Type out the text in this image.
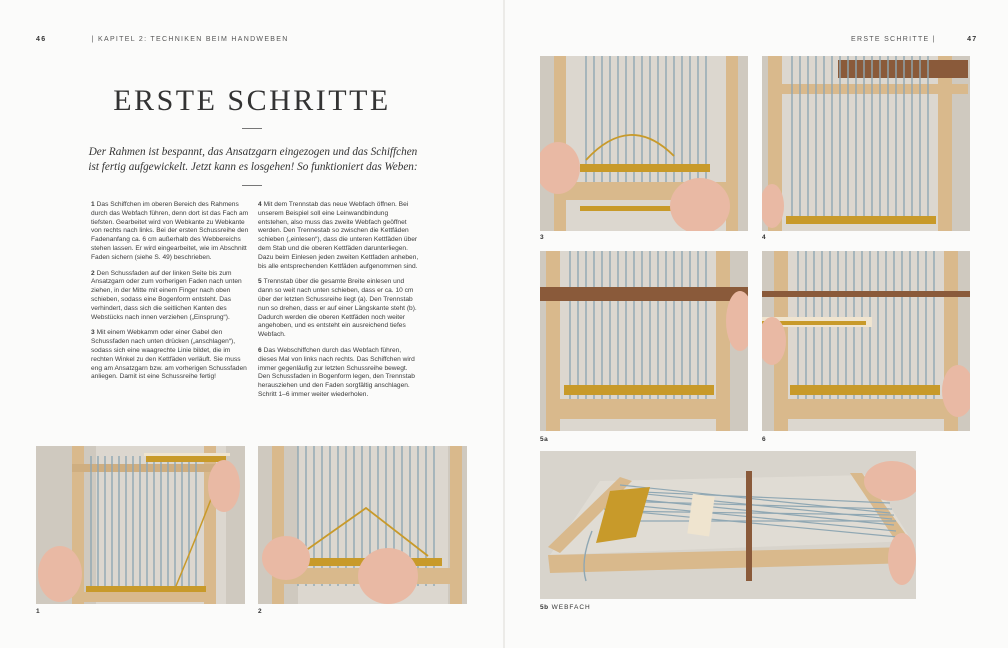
46	| KAPITEL 2: TECHNIKEN BEIM HANDWEBEN
ERSTE SCHRITTE
Der Rahmen ist bespannt, das Ansatzgarn eingezogen und das Schiffchen ist fertig aufgewickelt. Jetzt kann es losgehen! So funktioniert das Weben:

1 Das Schiffchen im oberen Bereich des Rahmens durch das Webfach führen, denn dort ist das Fach am tiefsten. Gearbeitet wird von Webkante zu Webkante von rechts nach links. Bei der ersten Schussreihe den Fadenanfang ca. 6 cm außerhalb des Webbereichs stehen lassen. Er wird eingearbeitet, wie im Abschnitt Faden sichern (siehe S. 49) beschrieben.

2 Den Schussfaden auf der linken Seite bis zum Ansatzgarn oder zum vorherigen Faden nach unten ziehen, in der Mitte mit einem Finger nach oben schieben, sodass eine Bogenform entsteht. Das verhindert, dass sich die seitlichen Kanten des Webstücks nach innen verziehen („Einsprung“).

3 Mit einem Webkamm oder einer Gabel den Schussfaden nach unten drücken („anschlagen“), sodass sich eine waagrechte Linie bildet, die im rechten Winkel zu den Kettfäden verläuft. Sie muss eng am Ansatzgarn bzw. am vorherigen Schussfaden anliegen. Damit ist eine Schussreihe fertig!

4 Mit dem Trennstab das neue Webfach öffnen. Bei unserem Beispiel soll eine Leinwandbindung entstehen, also muss das zweite Webfach geöffnet werden. Den Trennestab so zwischen die Kettfäden schieben („einlesen“), dass die unteren Kettfäden über dem Stab und die oberen Kettfäden darunterliegen. Dazu beim Einlesen jeden zweiten Kettfaden anheben, bis alle entsprechenden Kettfäden aufgenommen sind.

5 Trennstab über die gesamte Breite einlesen und dann so weit nach unten schieben, dass er ca. 10 cm über der letzten Schussreihe liegt (a). Den Trennstab nun so drehen, dass er auf einer Längskante steht (b). Dadurch werden die oberen Kettfäden noch weiter angehoben, und es entsteht ein ausreichend tiefes Webfach.

6 Das Webschiffchen durch das Webfach führen, dieses Mal von links nach rechts. Das Schiffchen wird immer gegenläufig zur letzten Schussreihe bewegt. Den Schussfaden in Bogenform legen, den Trennstab herausziehen und den Faden sorgfältig anschlagen. Schritt 1–6 immer weiter wiederholen.

1	2
ERSTE SCHRITTE |	47
3	4
5a	6
5b WEBFACH
